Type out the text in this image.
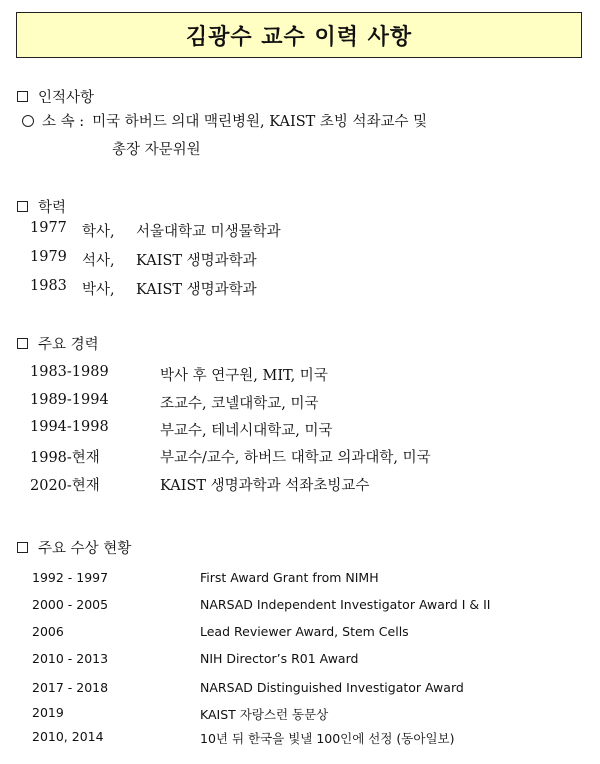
김광수 교수 이력 사항
인적사항
소 속 : 미국 하버드 의대 맥린병원, KAIST 초빙 석좌교수 및
총장 자문위원
학력
1977 학사, 서울대학교 미생물학과
1979 석사, KAIST 생명과학과
1983 박사, KAIST 생명과학과
주요 경력
1983-1989	박사 후 연구원, MIT, 미국
1989-1994	조교수, 코넬대학교, 미국
1994-1998	부교수, 테네시대학교, 미국
1998-현재	부교수/교수, 하버드 대학교 의과대학, 미국
2020-현재	KAIST 생명과학과 석좌초빙교수
주요 수상 현황
1992 - 1997	First Award Grant from NIMH
2000 - 2005	NARSAD Independent Investigator Award I & II
2006	Lead Reviewer Award, Stem Cells
2010 - 2013	NIH Director’s R01 Award
2017 - 2018	NARSAD Distinguished Investigator Award
2019	KAIST 자랑스런 동문상
2010, 2014	10년 뒤 한국을 빛낼 100인에 선정 (동아일보)
